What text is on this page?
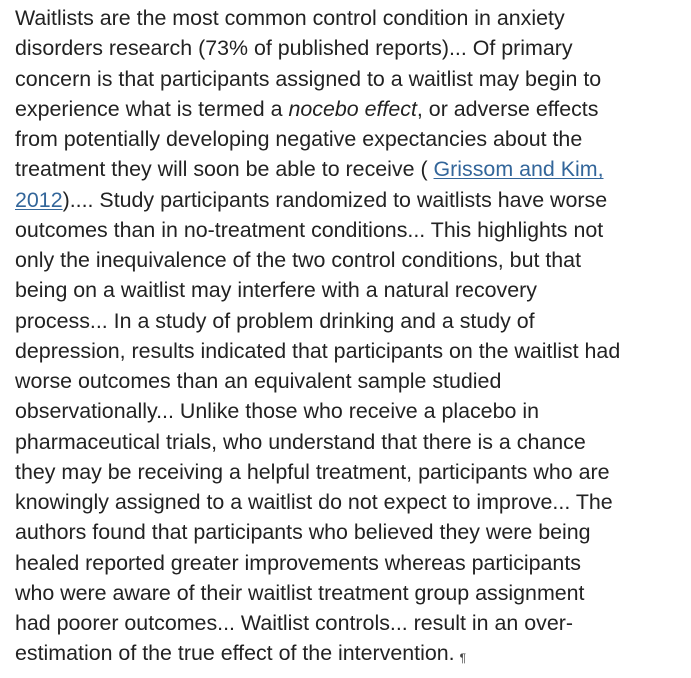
Waitlists are the most common control condition in anxiety
disorders research (73% of published reports)... Of primary
concern is that participants assigned to a waitlist may begin to
experience what is termed a nocebo effect, or adverse effects
from potentially developing negative expectancies about the
treatment they will soon be able to receive ( Grissom and Kim,
2012).... Study participants randomized to waitlists have worse
outcomes than in no-treatment conditions... This highlights not
only the inequivalence of the two control conditions, but that
being on a waitlist may interfere with a natural recovery
process... In a study of problem drinking and a study of
depression, results indicated that participants on the waitlist had
worse outcomes than an equivalent sample studied
observationally... Unlike those who receive a placebo in
pharmaceutical trials, who understand that there is a chance
they may be receiving a helpful treatment, participants who are
knowingly assigned to a waitlist do not expect to improve... The
authors found that participants who believed they were being
healed reported greater improvements whereas participants
who were aware of their waitlist treatment group assignment
had poorer outcomes... Waitlist controls... result in an over-
estimation of the true effect of the intervention. ¶
